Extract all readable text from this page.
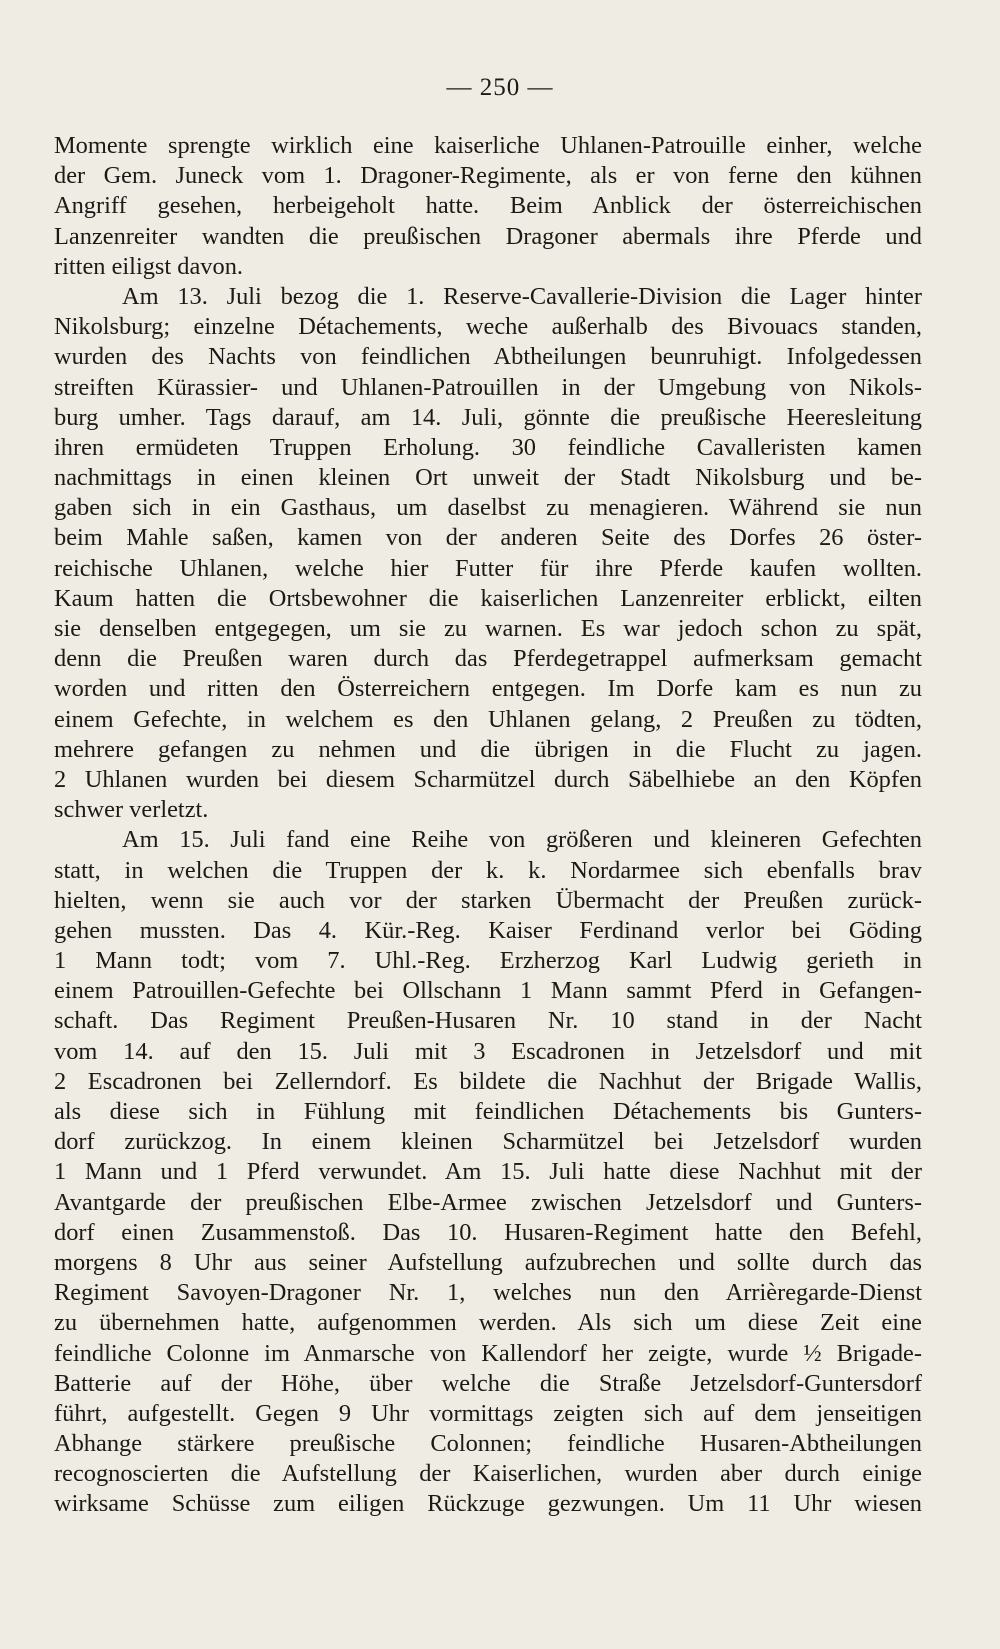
— 250 —
Momente sprengte wirklich eine kaiserliche Uhlanen-Patrouille einher, welche
der Gem. Juneck vom 1. Dragoner-Regimente, als er von ferne den kühnen
Angriff gesehen, herbeigeholt hatte. Beim Anblick der österreichischen
Lanzenreiter wandten die preußischen Dragoner abermals ihre Pferde und
ritten eiligst davon.
Am 13. Juli bezog die 1. Reserve-Cavallerie-Division die Lager hinter
Nikolsburg; einzelne Détachements, weche außerhalb des Bivouacs standen,
wurden des Nachts von feindlichen Abtheilungen beunruhigt. Infolgedessen
streiften Kürassier- und Uhlanen-Patrouillen in der Umgebung von Nikols-
burg umher. Tags darauf, am 14. Juli, gönnte die preußische Heeresleitung
ihren ermüdeten Truppen Erholung. 30 feindliche Cavalleristen kamen
nachmittags in einen kleinen Ort unweit der Stadt Nikolsburg und be-
gaben sich in ein Gasthaus, um daselbst zu menagieren. Während sie nun
beim Mahle saßen, kamen von der anderen Seite des Dorfes 26 öster-
reichische Uhlanen, welche hier Futter für ihre Pferde kaufen wollten.
Kaum hatten die Ortsbewohner die kaiserlichen Lanzenreiter erblickt, eilten
sie denselben entgegegen, um sie zu warnen. Es war jedoch schon zu spät,
denn die Preußen waren durch das Pferdegetrappel aufmerksam gemacht
worden und ritten den Österreichern entgegen. Im Dorfe kam es nun zu
einem Gefechte, in welchem es den Uhlanen gelang, 2 Preußen zu tödten,
mehrere gefangen zu nehmen und die übrigen in die Flucht zu jagen.
2 Uhlanen wurden bei diesem Scharmützel durch Säbelhiebe an den Köpfen
schwer verletzt.
Am 15. Juli fand eine Reihe von größeren und kleineren Gefechten
statt, in welchen die Truppen der k. k. Nordarmee sich ebenfalls brav
hielten, wenn sie auch vor der starken Übermacht der Preußen zurück-
gehen mussten. Das 4. Kür.-Reg. Kaiser Ferdinand verlor bei Göding
1 Mann todt; vom 7. Uhl.-Reg. Erzherzog Karl Ludwig gerieth in
einem Patrouillen-Gefechte bei Ollschann 1 Mann sammt Pferd in Gefangen-
schaft. Das Regiment Preußen-Husaren Nr. 10 stand in der Nacht
vom 14. auf den 15. Juli mit 3 Escadronen in Jetzelsdorf und mit
2 Escadronen bei Zellerndorf. Es bildete die Nachhut der Brigade Wallis,
als diese sich in Fühlung mit feindlichen Détachements bis Gunters-
dorf zurückzog. In einem kleinen Scharmützel bei Jetzelsdorf wurden
1 Mann und 1 Pferd verwundet. Am 15. Juli hatte diese Nachhut mit der
Avantgarde der preußischen Elbe-Armee zwischen Jetzelsdorf und Gunters-
dorf einen Zusammenstoß. Das 10. Husaren-Regiment hatte den Befehl,
morgens 8 Uhr aus seiner Aufstellung aufzubrechen und sollte durch das
Regiment Savoyen-Dragoner Nr. 1, welches nun den Arrièregarde-Dienst
zu übernehmen hatte, aufgenommen werden. Als sich um diese Zeit eine
feindliche Colonne im Anmarsche von Kallendorf her zeigte, wurde ½ Brigade-
Batterie auf der Höhe, über welche die Straße Jetzelsdorf-Guntersdorf
führt, aufgestellt. Gegen 9 Uhr vormittags zeigten sich auf dem jenseitigen
Abhange stärkere preußische Colonnen; feindliche Husaren-Abtheilungen
recognoscierten die Aufstellung der Kaiserlichen, wurden aber durch einige
wirksame Schüsse zum eiligen Rückzuge gezwungen. Um 11 Uhr wiesen
